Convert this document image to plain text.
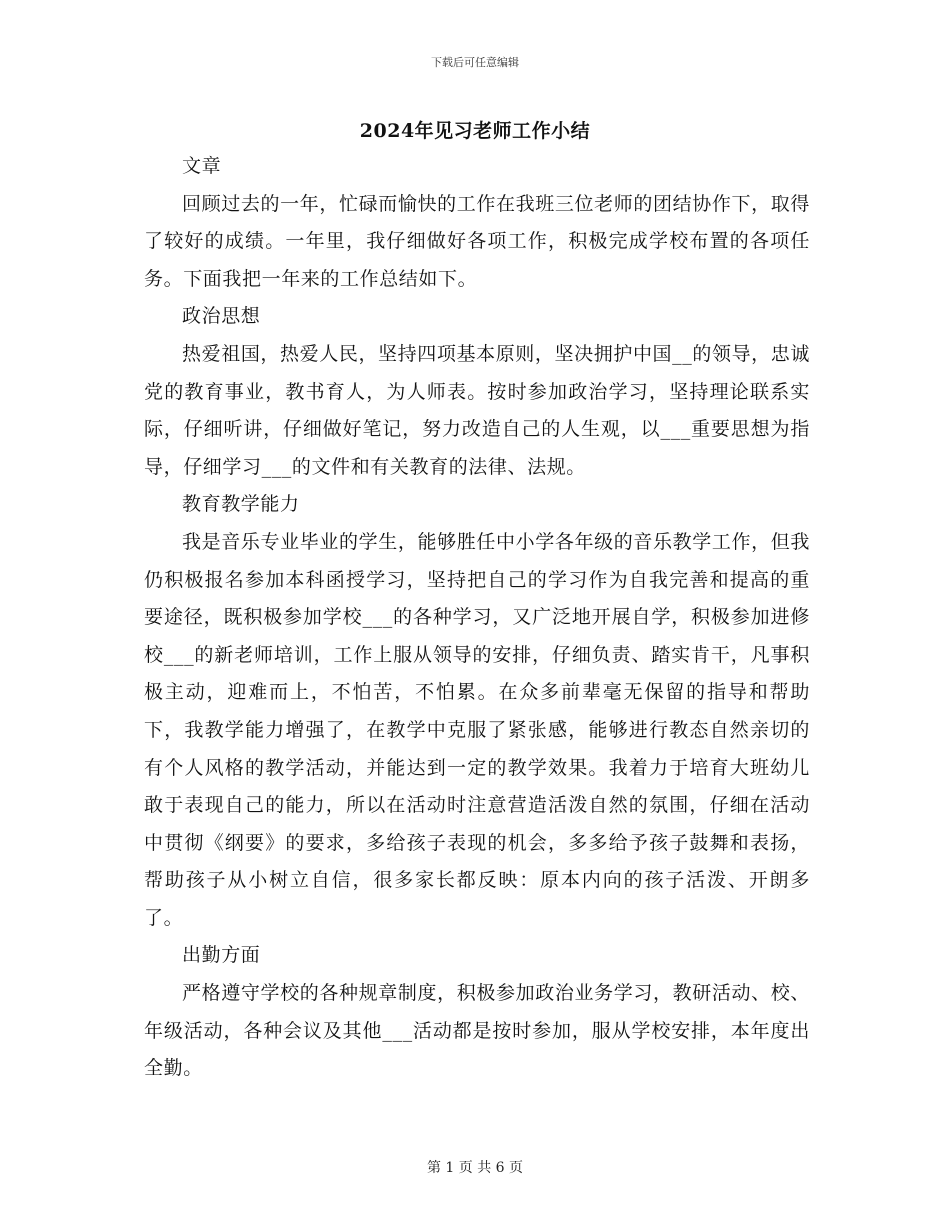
下载后可任意编辑
2024年见习老师工作小结

文章

回顾过去的一年，忙碌而愉快的工作在我班三位老师的团结协作下，取得了较好的成绩。一年里，我仔细做好各项工作，积极完成学校布置的各项任务。下面我把一年来的工作总结如下。

政治思想

热爱祖国，热爱人民，坚持四项基本原则，坚决拥护中国__的领导，忠诚党的教育事业，教书育人，为人师表。按时参加政治学习，坚持理论联系实际，仔细听讲，仔细做好笔记，努力改造自己的人生观，以___重要思想为指导，仔细学习___的文件和有关教育的法律、法规。

教育教学能力

我是音乐专业毕业的学生，能够胜任中小学各年级的音乐教学工作，但我仍积极报名参加本科函授学习，坚持把自己的学习作为自我完善和提高的重要途径，既积极参加学校___的各种学习，又广泛地开展自学，积极参加进修校___的新老师培训，工作上服从领导的安排，仔细负责、踏实肯干，凡事积极主动，迎难而上，不怕苦，不怕累。在众多前辈毫无保留的指导和帮助下，我教学能力增强了，在教学中克服了紧张感，能够进行教态自然亲切的有个人风格的教学活动，并能达到一定的教学效果。我着力于培育大班幼儿敢于表现自己的能力，所以在活动时注意营造活泼自然的氛围，仔细在活动中贯彻《纲要》的要求，多给孩子表现的机会，多多给予孩子鼓舞和表扬，帮助孩子从小树立自信，很多家长都反映：原本内向的孩子活泼、开朗多了。

出勤方面

严格遵守学校的各种规章制度，积极参加政治业务学习，教研活动、校、年级活动，各种会议及其他___活动都是按时参加，服从学校安排，本年度出全勤。

第 1 页 共 6 页
